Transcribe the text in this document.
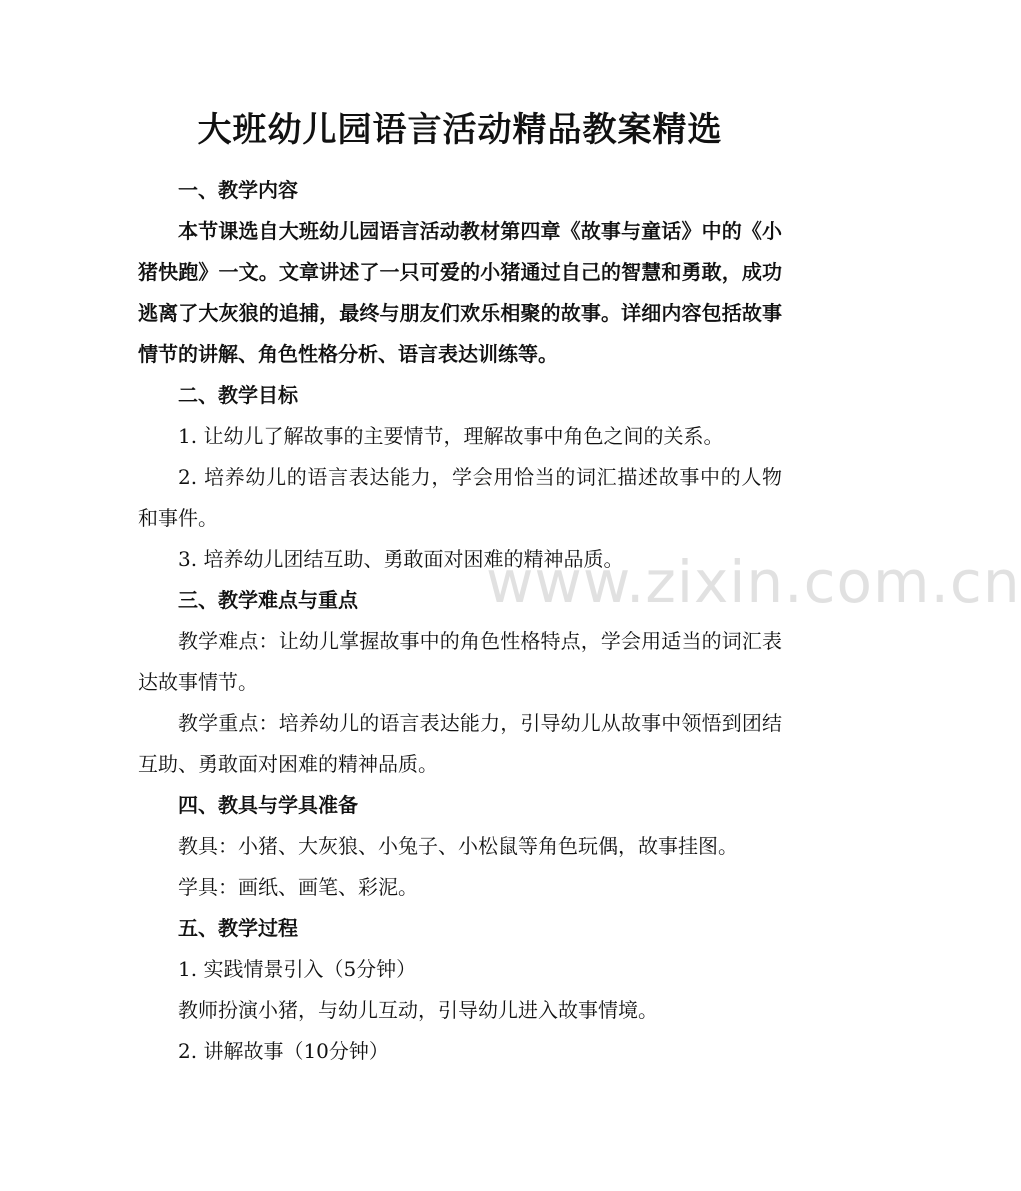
大班幼儿园语言活动精品教案精选
一、教学内容

本节课选自大班幼儿园语言活动教材第四章《故事与童话》中的《小猪快跑》一文。文章讲述了一只可爱的小猪通过自己的智慧和勇敢，成功逃离了大灰狼的追捕，最终与朋友们欢乐相聚的故事。详细内容包括故事情节的讲解、角色性格分析、语言表达训练等。

二、教学目标

1. 让幼儿了解故事的主要情节，理解故事中角色之间的关系。

2. 培养幼儿的语言表达能力，学会用恰当的词汇描述故事中的人物和事件。

3. 培养幼儿团结互助、勇敢面对困难的精神品质。

三、教学难点与重点

教学难点：让幼儿掌握故事中的角色性格特点，学会用适当的词汇表达故事情节。

教学重点：培养幼儿的语言表达能力，引导幼儿从故事中领悟到团结互助、勇敢面对困难的精神品质。

四、教具与学具准备

教具：小猪、大灰狼、小兔子、小松鼠等角色玩偶，故事挂图。

学具：画纸、画笔、彩泥。

五、教学过程

1. 实践情景引入（5分钟）

教师扮演小猪，与幼儿互动，引导幼儿进入故事情境。

2. 讲解故事（10分钟）

www.zixin.com.cn
